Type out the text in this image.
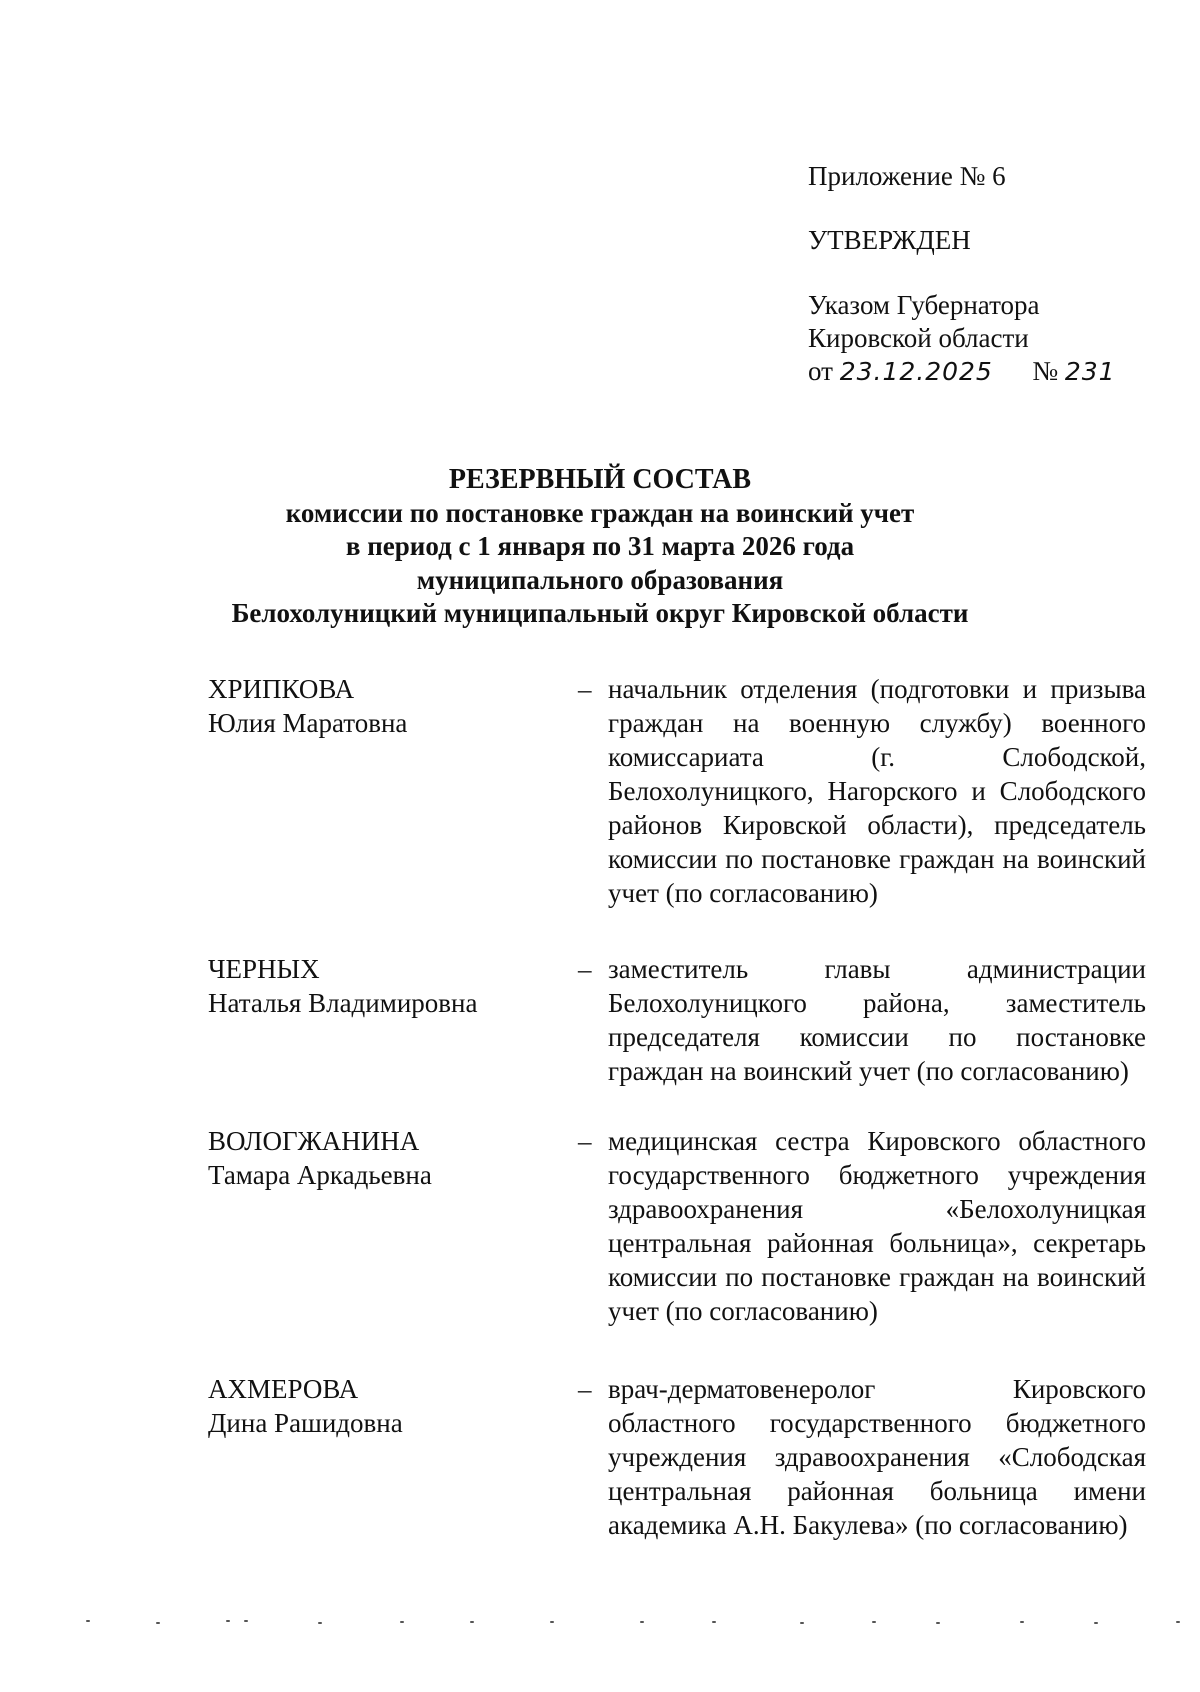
Приложение № 6
УТВЕРЖДЕН
Указом Губернатора
Кировской области
от 23.12.2025 № 231
РЕЗЕРВНЫЙ СОСТАВ
комиссии по постановке граждан на воинский учет
в период с 1 января по 31 марта 2026 года
муниципального образования
Белохолуницкий муниципальный округ Кировской области
ХРИПКОВА
Юлия Маратовна
– начальник отделения (подготовки и призыва граждан на военную службу) военного комиссариата (г. Слободской, Белохолуницкого, Нагорского и Слободского районов Кировской области), председатель комиссии по постановке граждан на воинский учет (по согласованию)
ЧЕРНЫХ
Наталья Владимировна
– заместитель главы администрации Белохолуницкого района, заместитель председателя комиссии по постановке граждан на воинский учет (по согласованию)
ВОЛОГЖАНИНА
Тамара Аркадьевна
– медицинская сестра Кировского областного государственного бюджетного учреждения здравоохранения «Белохолуницкая центральная районная больница», секретарь комиссии по постановке граждан на воинский учет (по согласованию)
АХМЕРОВА
Дина Рашидовна
– врач-дерматовенеролог Кировского областного государственного бюджетного учреждения здравоохранения «Слободская центральная районная больница имени академика А.Н. Бакулева» (по согласованию)
